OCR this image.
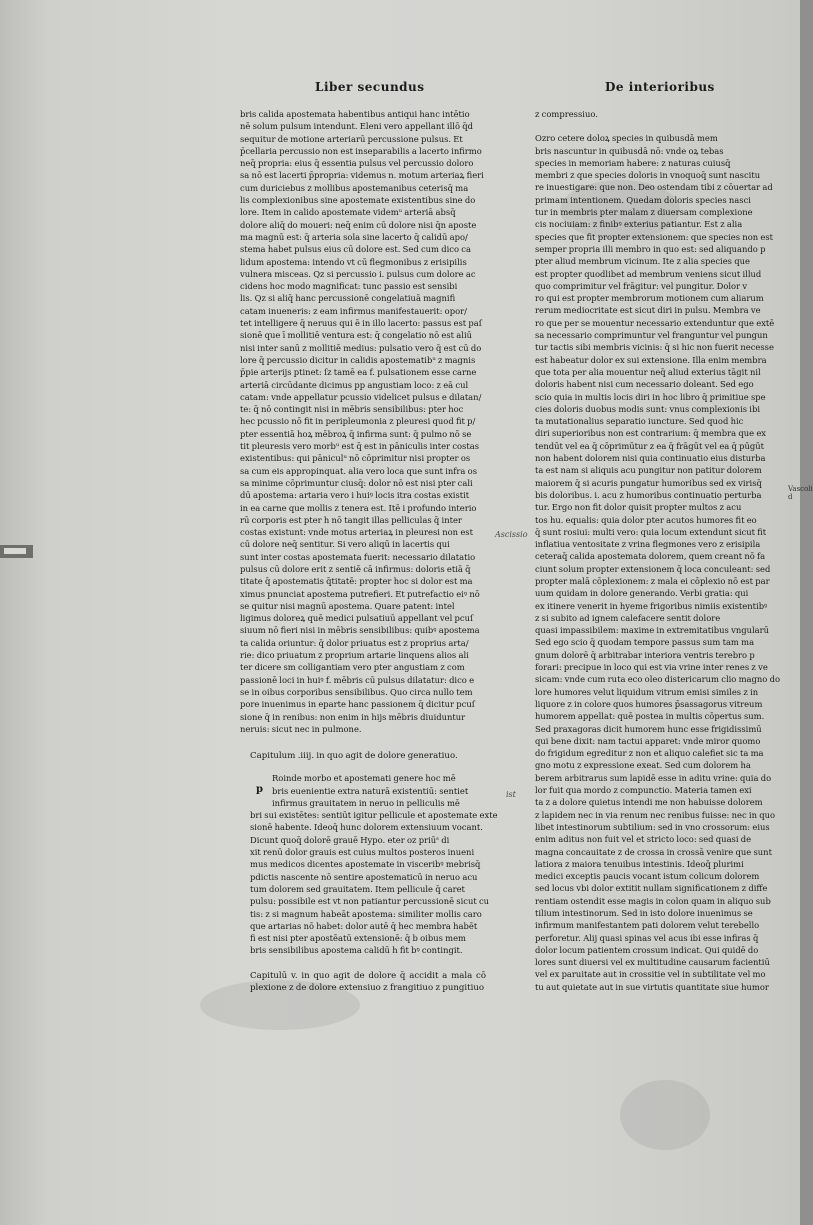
Liber secundus	De interioribus
bris calida apostemata habentibus antiqui hanc intētio
nē solum pulsum intendunt. Eleni vero appellant illō q̄d
sequitur de motione arteriarū percussione pulsus. Et
p̄cellaria percussio non est inseparabilis a lacerto infirmo
neq̄ propria: eius q̄ essentia pulsus vel percussio doloro
sa nō est lacerti p̄propria: videmus n. motum arteriaꝝ fieri
cum duriciebus z mollibus apostemanibus ceterisq̄ ma
lis complexionibus sine apostemate existentibus sine do
lore. Item in calido apostemate videmᵘ arteriā absq̄
dolore aliq̄ do moueri: neq̄ enim cū dolore nisi q̄n aposte
ma magnū est: q̄ arteria sola sine lacerto q̄ calidū apo/
stema habet pulsus eius cū dolore est. Sed cum dico ca
lidum apostema: intendo vt cū flegmonibus z erisipilis
vulnera misceas. Qz si percussio i. pulsus cum dolore ac
cidens hoc modo magnificat: tunc passio est sensibi
lis. Qz si aliq̄ hanc percussionē congelatiuā magnifi
catam inueneris: z eam infirmus manifestauerit: opor/
tet intelligere q̄ neruus qui ē in illo lacerto: passus est paſ
sionē que ī mollitiē ventura est: q̄ congelatio nō est aliū
nisi inter sanū z mollitiē medius: pulsatio vero q̄ est cū do
lore q̄ percussio dicitur in calidis apostematibᵘ z magnis
p̄pie arterijs ptinet: ſz tamē ea f. pulsationem esse carne
arteriā circūdante dicimus pp angustiam loco: z eā cul
catam: vnde appellatur pcussio videlicet pulsus e dilatan/
te: q̄ nō contingit nisi in mēbris sensibilibus: pter hoc
hec pcussio nō fit in peripleumonia z pleuresi quod fit p/
pter essentiā hoꝝ mēbroꝝ q̄ infirma sunt: q̄ pulmo nō se
tit pleuresis vero morbᵘ est q̄ est in pāniculis inter costas
existentibus: qui pāniculᵘ nō cōprimitur nisi propter os
sa cum eis appropinquat. alia vero loca que sunt infra os
sa minime cōprimuntur ciusq̄: dolor nō est nisi pter cali
dū apostema: artaria vero i huiꝰ locis itra costas existit
in ea carne que mollis z tenera est. Itē i profundo interio
rū corporis est pter h nō tangit illas pelliculas q̄ inter
costas existunt: vnde motus arteriaꝝ in pleuresi non est
cū dolore neq̄ sentitur. Si vero aliqū in lacertis qui
sunt inter costas apostemata fuerit: necessario dilatatio
pulsus cū dolore erit z sentiē cā infirmus: doloris etiā q̄
titate q̄ apostematis q̄titatē: propter hoc si dolor est ma
ximus pnunciat apostema putrefieri. Et putrefactio eiꝰ nō
se quitur nisi magnū apostema. Quare patent: intel
ligimus doloreꝝ quē medici pulsatiuū appellant vel pcuſ
siuum nō fieri nisi in mēbris sensibilibus: quibꝰ apostema
ta calida oriuntur: q̄ dolor priuatus est z proprius arta/
rie: dico priuatum z proprium artarie linquens alios ali
ter dicere sm colligantiam vero pter angustiam z com
passionē loci in huiꝰ f. mēbris cū pulsus dilatatur: dico e
se in oibus corporibus sensibilibus. Quo circa nullo tem
pore inuenimus in eparte hanc passionem q̄ dicitur pcuſ
sione q̄ in renibus: non enim in hijs mēbris diuiduntur
neruis: sicut nec in pulmone.
Capitulum .iiij. in quo agit de dolore generatiuo.
Roinde morbo et apostemati genere hoc mē
bris euenientie extra naturā existentiū: sentiet
infirmus grauitatem in neruo in pelliculis mē
bri sui existētes: sentiūt igitur pellicule et apostemate exte
sionē habente. Ideoq̄ hunc dolorem extensiuum vocant.
Dicunt quoq̄ dolorē grauē Hypo. eter oz priūˢ di
xit renū dolor grauis est cuius multos posteros inueni
mus medicos dicentes apostemate in visceribꝰ mebrisq̄
pdictis nascente nō sentire apostematicū in neruo acu
tum dolorem sed grauitatem. Item pellicule q̄ caret
pulsu: possibile est vt non patiantur percussionē sicut cu
tis: z si magnum habeāt apostema: similiter mollis caro
que artarias nō habet: dolor autē q̄ hec membra habēt
fi est nisi pter apostēatū extensionē: q̄ b oibus mem
bris sensibilibus apostema calidū h fit bꝰ contingit.
p
Capitulū v. in quo agit de dolore q̄ accidit a mala cō plexione z de dolore extensiuo z frangitiuo z pungitiuo
z compressiuo.
Ozro cetere doloꝝ species in quibusdā mem
bris nascuntur in quibusdā nō: vnde oꝝ tebas
species in memoriam habere: z naturas cuiusq̄
membri z que species doloris in vnoquoq̄ sunt nascitu
re inuestigare: que non. Deo ostendam tibi z cōuertar ad
primam intentionem. Quedam doloris species nasci
tur in membris pter malam z diuersam complexione
cis nociuiam: z finibꝰ exterius patiantur. Est z alia
species que fit propter extensionem: que species non est
semper propria illi membro in quo est: sed aliquando p
pter aliud membrum vicinum. Ite z alia species que
est propter quodlibet ad membrum veniens sicut illud
quo comprimitur vel frāgitur: vel pungitur. Dolor v
ro qui est propter membrorum motionem cum aliarum
rerum mediocritate est sicut diri in pulsu. Membra ve
ro que per se mouentur necessario extenduntur que extē
sa necessario comprimuntur vel franguntur vel pungun
tur tactis sibi membris vicinis: q̄ si hic non fuerit necesse
est habeatur dolor ex sui extensione. Illa enim membra
que tota per alia mouentur neq̄ aliud exterius tāgit nil
doloris habent nisi cum necessario doleant. Sed ego
scio quia in multis locis diri in hoc libro q̄ primitiue spe
cies doloris duobus modis sunt: vnus complexionis ibi
ta mutationalius separatio iuncture. Sed quod hic
diri superioribus non est contrarium: q̄ membra que ex
tendūt vel ea q̄ cōprimūtur z ea q̄ frāgūt vel ea q̄ pūgūt
non habent dolorem nisi quia continuatio eius disturba
ta est nam si aliquis acu pungitur non patitur dolorem
maiorem q̄ si acuris pungatur humoribus sed ex virisq̄
bis doloribus. i. acu z humoribus continuatio perturba
tur. Ergo non fit dolor quisit propter multos z acu
tos hu. equalis: quia dolor pter acutos humores fit eo
q̄ sunt rosiui: multi vero: quia locum extendunt sicut fit
inflatiua ventositate z vrina flegmones vero z erisipila
ceteraq̄ calida apostemata dolorem, quem creant nō fa
ciunt solum propter extensionem q̄ loca conculeant: sed
propter malā cōplexionem: z mala ei cōplexio nō est par
uum quidam in dolore generando. Verbi gratia: qui
ex itinere venerit in hyeme frigoribus nimiis existentibꝰ
z si subito ad ignem calefacere sentit dolore
quasi impassibilem: maxime in extremitatibus vngularū
Sed ego scio q̄ quodam tempore passus sum tam ma
gnum dolorē q̄ arbitrabar interiora ventris terebro p
forari: precipue in loco qui est via vrine inter renes z ve
sicam: vnde cum ruta eco oleo distericarum clio magno do
lore humores velut liquidum vitrum emisi similes z in
liquore z in colore quos humores p̄sassagorus vitreum
humorem appellat: quē postea in multis cōpertus sum.
Sed praxagoras dicit humorem hunc esse frigidissimū
qui bene dixit: nam tactui apparet: vnde miror quomo
do frigidum egreditur z non et aliquo calefiet sic ta ma
gno motu z expressione exeat. Sed cum dolorem ha
berem arbitrarus sum lapidē esse in aditu vrine: quia do
lor fuit qua mordo z compunctio. Materia tamen exi
ta z a dolore quietus intendi me non habuisse dolorem
z lapidem nec in via renum nec renibus fuisse: nec in quo
libet intestinorum subtilium: sed in vno crossorum: eius
enim aditus non fuit vel et stricto loco: sed quasi de
magna concauitate z de crossa in crossā venire que sunt
latiora z maiora tenuibus intestinis. Ideoq̄ plurimi
medici exceptis paucis vocant istum colicum dolorem
sed locus vbi dolor extitit nullam significationem z diffe
rentiam ostendit esse magis in colon quam in aliquo sub
tilium intestinorum. Sed in isto dolore inuenimus se
infirmum manifestantem pati dolorem velut terebello
perforetur. Alij quasi spinas vel acus ibi esse infiras q̄
dolor locum patientem crossum indicat. Qui quidē do
lores sunt diuersi vel ex multitudine causarum facientiū
vel ex paruitate aut in crossitie vel in subtilitate vel mo
tu aut quietate aut in sue virtutis quantitate siue humor
Ascissio
ist
Vascoli d
